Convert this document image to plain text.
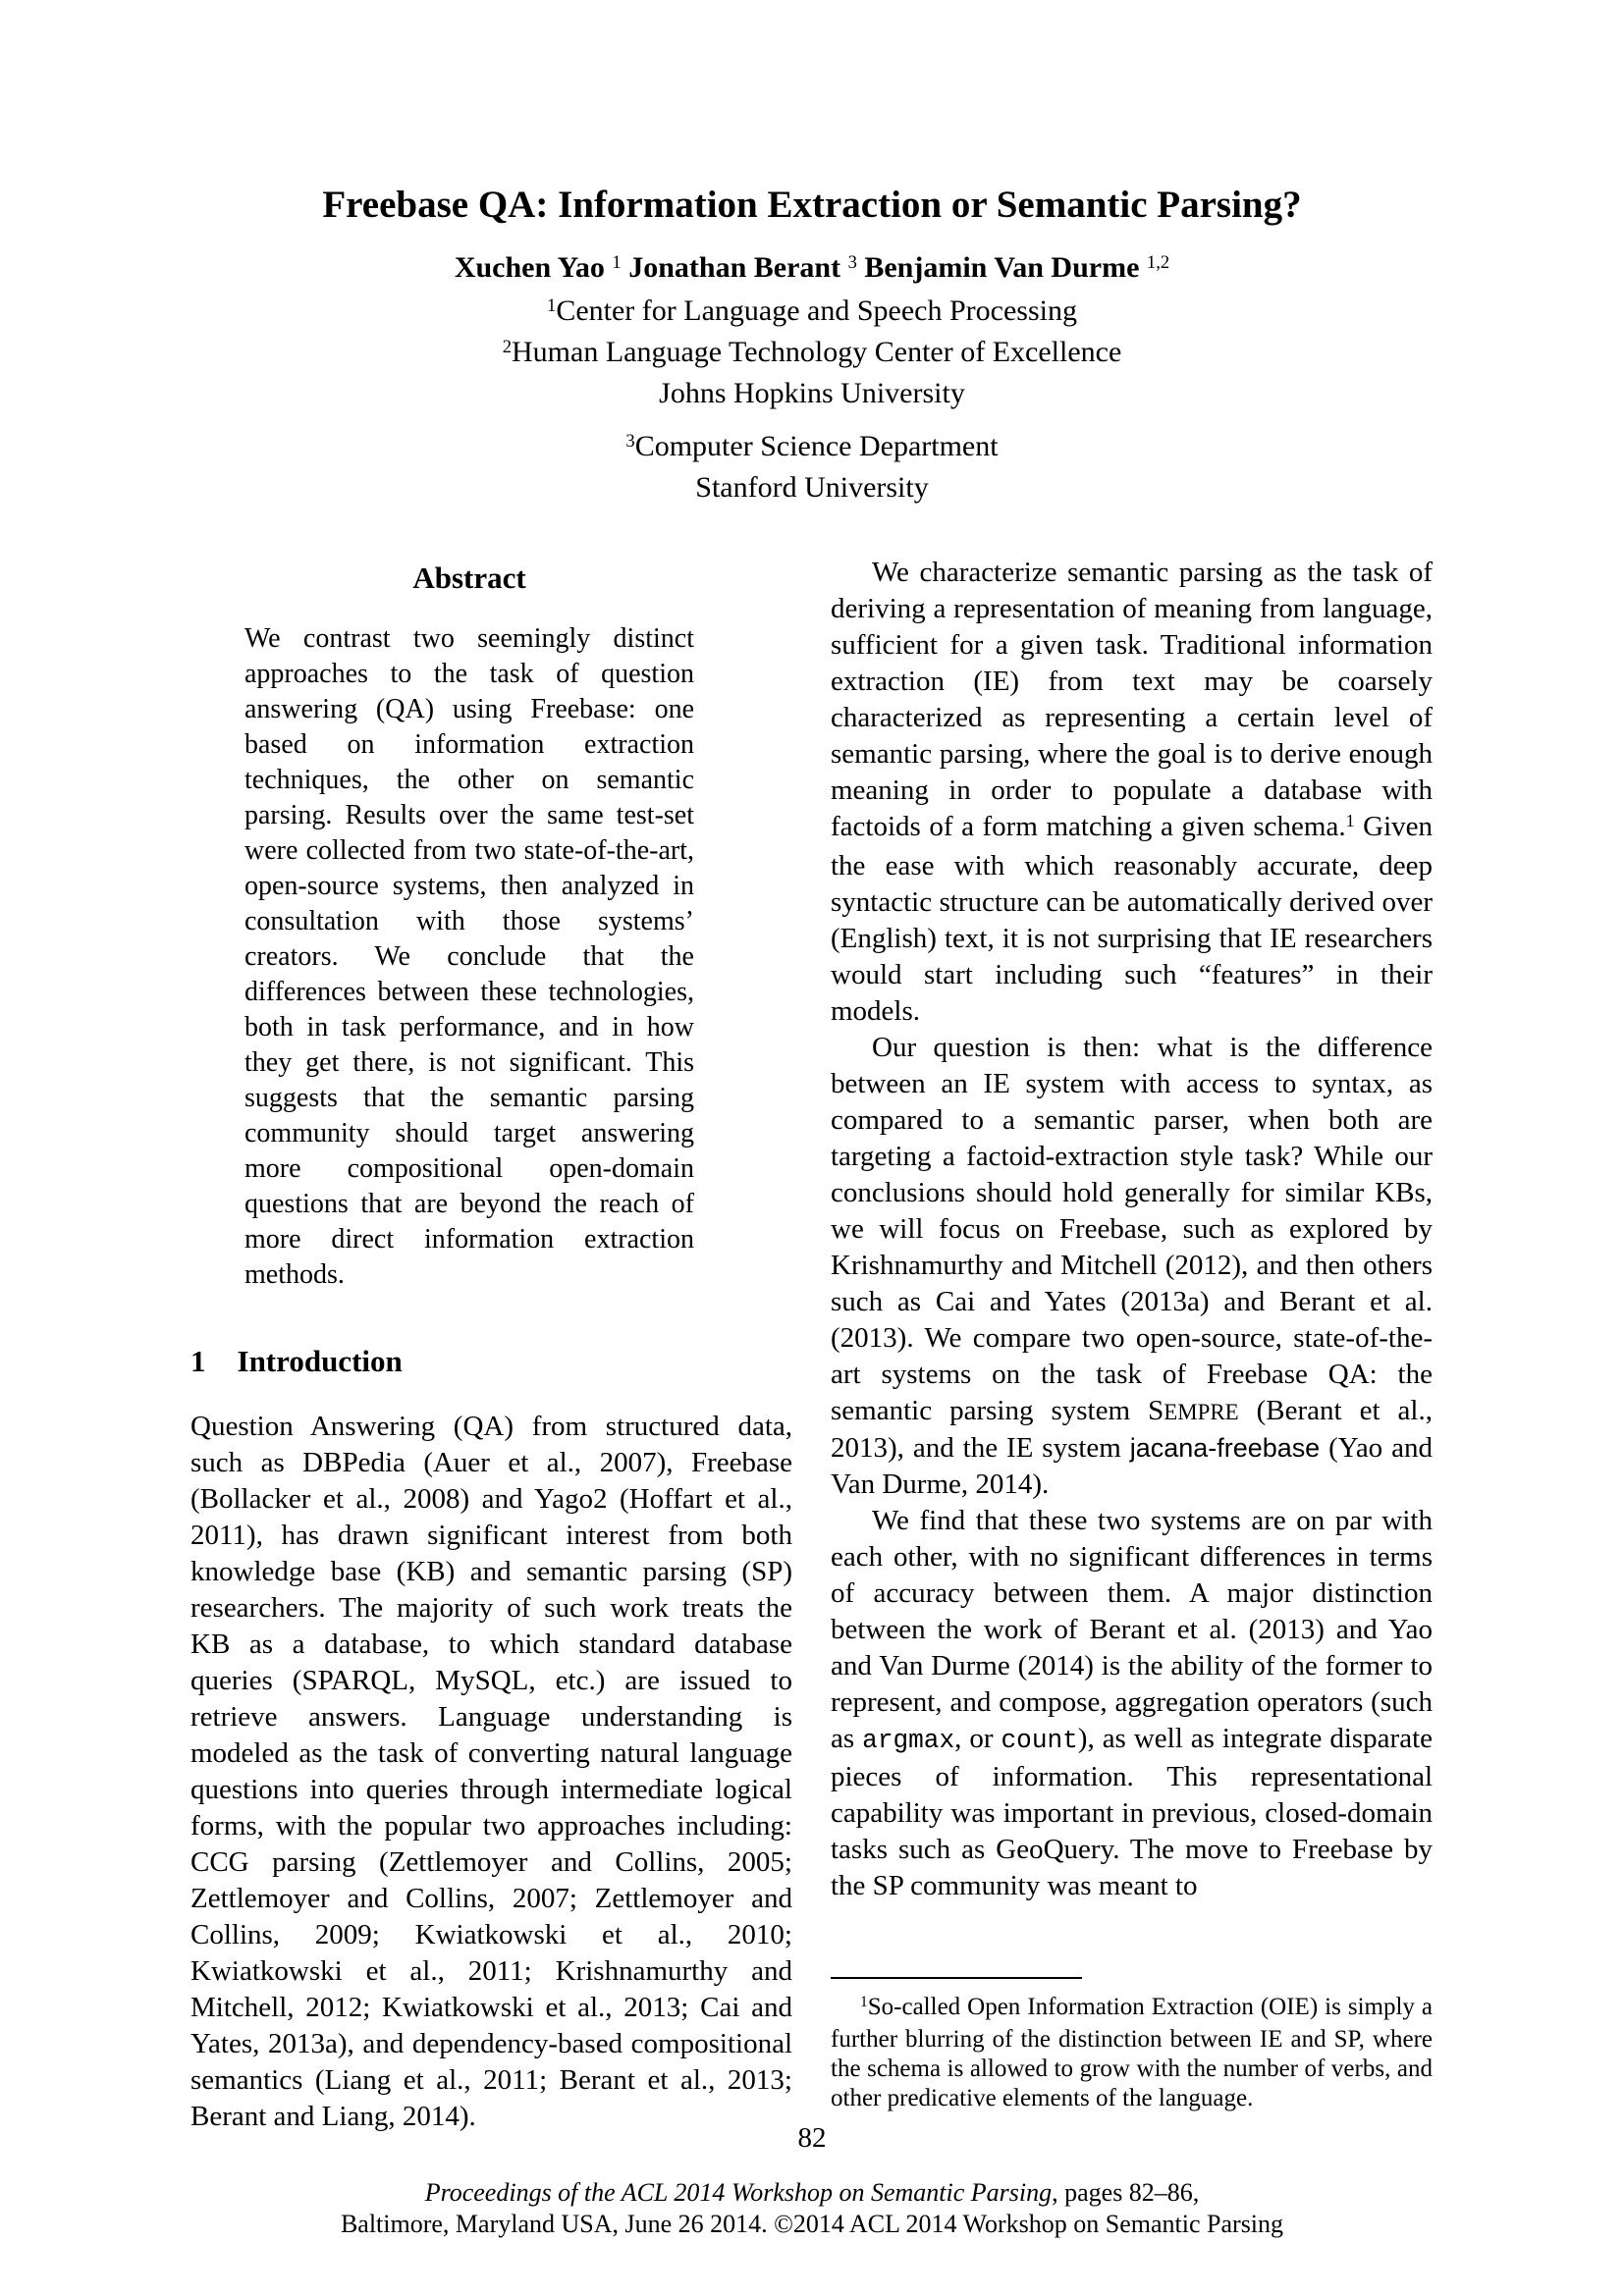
Freebase QA: Information Extraction or Semantic Parsing?
Xuchen Yao $^1$ Jonathan Berant $^3$ Benjamin Van Durme $^{1,2}$
$^1$Center for Language and Speech Processing
$^2$Human Language Technology Center of Excellence
Johns Hopkins University
$^3$Computer Science Department
Stanford University
Abstract

We contrast two seemingly distinct approaches to the task of question answering (QA) using Freebase: one based on information extraction techniques, the other on semantic parsing. Results over the same test-set were collected from two state-of-the-art, open-source systems, then analyzed in consultation with those systems’ creators. We conclude that the differences between these technologies, both in task performance, and in how they get there, is not significant. This suggests that the semantic parsing community should target answering more compositional open-domain questions that are beyond the reach of more direct information extraction methods.

1 Introduction

Question Answering (QA) from structured data, such as DBPedia (Auer et al., 2007), Freebase (Bollacker et al., 2008) and Yago2 (Hoffart et al., 2011), has drawn significant interest from both knowledge base (KB) and semantic parsing (SP) researchers. The majority of such work treats the KB as a database, to which standard database queries (SPARQL, MySQL, etc.) are issued to retrieve answers. Language understanding is modeled as the task of converting natural language questions into queries through intermediate logical forms, with the popular two approaches including: CCG parsing (Zettlemoyer and Collins, 2005; Zettlemoyer and Collins, 2007; Zettlemoyer and Collins, 2009; Kwiatkowski et al., 2010; Kwiatkowski et al., 2011; Krishnamurthy and Mitchell, 2012; Kwiatkowski et al., 2013; Cai and Yates, 2013a), and dependency-based compositional semantics (Liang et al., 2011; Berant et al., 2013; Berant and Liang, 2014).

We characterize semantic parsing as the task of deriving a representation of meaning from language, sufficient for a given task. Traditional information extraction (IE) from text may be coarsely characterized as representing a certain level of semantic parsing, where the goal is to derive enough meaning in order to populate a database with factoids of a form matching a given schema.$^1$ Given the ease with which reasonably accurate, deep syntactic structure can be automatically derived over (English) text, it is not surprising that IE researchers would start including such “features” in their models.

Our question is then: what is the difference between an IE system with access to syntax, as compared to a semantic parser, when both are targeting a factoid-extraction style task? While our conclusions should hold generally for similar KBs, we will focus on Freebase, such as explored by Krishnamurthy and Mitchell (2012), and then others such as Cai and Yates (2013a) and Berant et al. (2013). We compare two open-source, state-of-the-art systems on the task of Freebase QA: the semantic parsing system SEMPRE (Berant et al., 2013), and the IE system jacana-freebase (Yao and Van Durme, 2014).

We find that these two systems are on par with each other, with no significant differences in terms of accuracy between them. A major distinction between the work of Berant et al. (2013) and Yao and Van Durme (2014) is the ability of the former to represent, and compose, aggregation operators (such as argmax, or count), as well as integrate disparate pieces of information. This representational capability was important in previous, closed-domain tasks such as GeoQuery. The move to Freebase by the SP community was meant to

$^1$So-called Open Information Extraction (OIE) is simply a further blurring of the distinction between IE and SP, where the schema is allowed to grow with the number of verbs, and other predicative elements of the language.

82
Proceedings of the ACL 2014 Workshop on Semantic Parsing, pages 82–86,
Baltimore, Maryland USA, June 26 2014. ©2014 ACL 2014 Workshop on Semantic Parsing
